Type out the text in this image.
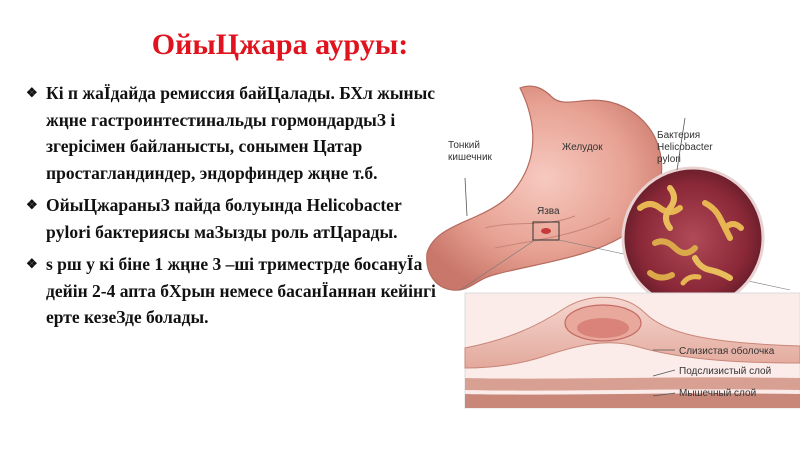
ОйыЦжара ауруы:
❖ Кі п жаЇдайда ремиссия байЦалады. БХл жыныс жңне гастроинтестинальды гормондардыЗ і згерісімен байланысты, сонымен Цатар простагландиндер, эндорфиндер жңне т.б.
❖ ОйыЦжараныЗ пайда болуында Helicobacter pylori бактериясы маЗызды роль атЦарады.
❖ s рш у кі біне 1 жңне 3 –ші триместрде босануЇа дейін 2-4 апта бХрын немесе басанЇаннан кейінгі ерте кезеЗде болады.
Тонкий кишечник
Желудок
Язва
Бактерия Helicobacter pylori
Слизистая оболочка
Подслизистый слой
Мышечный слой
